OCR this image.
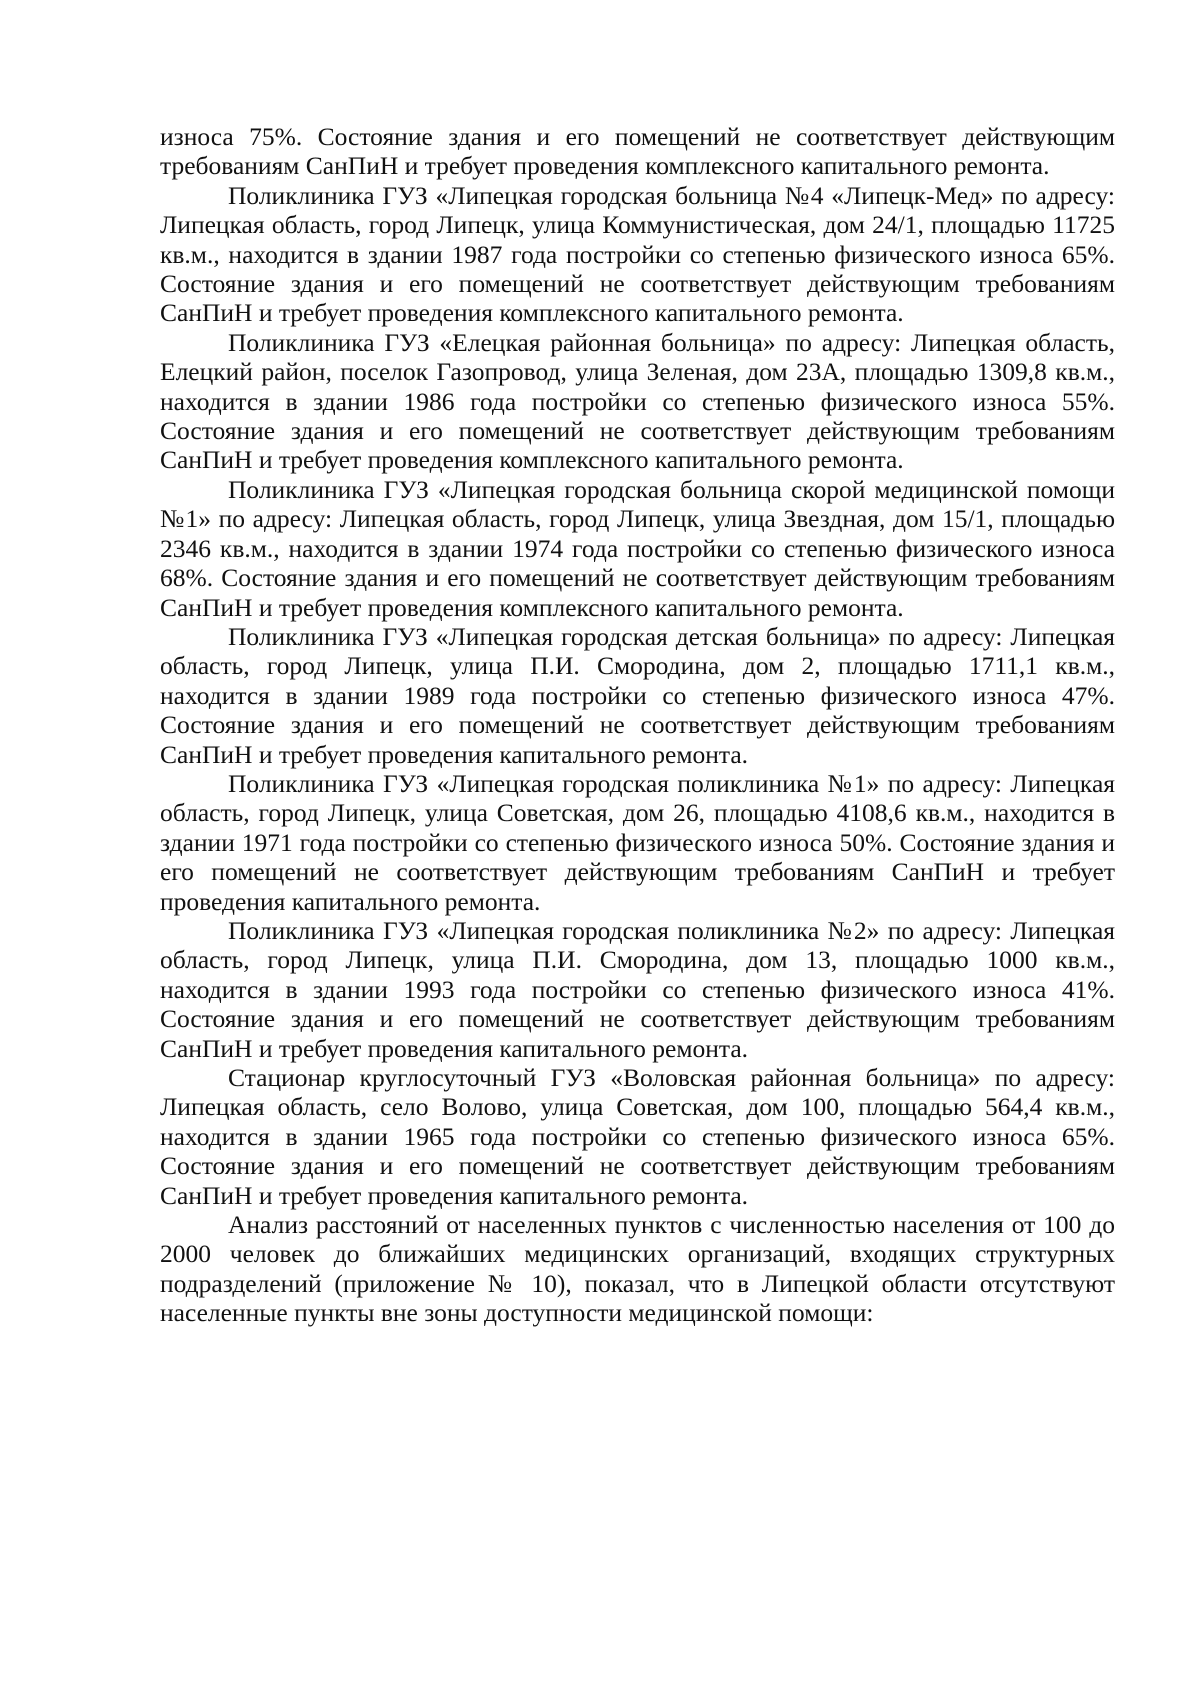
износа 75%. Состояние здания и его помещений не соответствует действующим требованиям СанПиН и требует проведения комплексного капитального ремонта.

Поликлиника ГУЗ «Липецкая городская больница №4 «Липецк-Мед» по адресу: Липецкая область, город Липецк, улица Коммунистическая, дом 24/1, площадью 11725 кв.м., находится в здании 1987 года постройки со степенью физического износа 65%. Состояние здания и его помещений не соответствует действующим требованиям СанПиН и требует проведения комплексного капитального ремонта.

Поликлиника ГУЗ «Елецкая районная больница» по адресу: Липецкая область, Елецкий район, поселок Газопровод, улица Зеленая, дом 23А, площадью 1309,8 кв.м., находится в здании 1986 года постройки со степенью физического износа 55%. Состояние здания и его помещений не соответствует действующим требованиям СанПиН и требует проведения комплексного капитального ремонта.

Поликлиника ГУЗ «Липецкая городская больница скорой медицинской помощи №1» по адресу: Липецкая область, город Липецк, улица Звездная, дом 15/1, площадью 2346 кв.м., находится в здании 1974 года постройки со степенью физического износа 68%. Состояние здания и его помещений не соответствует действующим требованиям СанПиН и требует проведения комплексного капитального ремонта.

Поликлиника ГУЗ «Липецкая городская детская больница» по адресу: Липецкая область, город Липецк, улица П.И. Смородина, дом 2, площадью 1711,1 кв.м., находится в здании 1989 года постройки со степенью физического износа 47%. Состояние здания и его помещений не соответствует действующим требованиям СанПиН и требует проведения капитального ремонта.

Поликлиника ГУЗ «Липецкая городская поликлиника №1» по адресу: Липецкая область, город Липецк, улица Советская, дом 26, площадью 4108,6 кв.м., находится в здании 1971 года постройки со степенью физического износа 50%. Состояние здания и его помещений не соответствует действующим требованиям СанПиН и требует проведения капитального ремонта.

Поликлиника ГУЗ «Липецкая городская поликлиника №2» по адресу: Липецкая область, город Липецк, улица П.И. Смородина, дом 13, площадью 1000 кв.м., находится в здании 1993 года постройки со степенью физического износа 41%. Состояние здания и его помещений не соответствует действующим требованиям СанПиН и требует проведения капитального ремонта.

Стационар круглосуточный ГУЗ «Воловская районная больница» по адресу: Липецкая область, село Волово, улица Советская, дом 100, площадью 564,4 кв.м., находится в здании 1965 года постройки со степенью физического износа 65%. Состояние здания и его помещений не соответствует действующим требованиям СанПиН и требует проведения капитального ремонта.

Анализ расстояний от населенных пунктов с численностью населения от 100 до 2000 человек до ближайших медицинских организаций, входящих структурных подразделений (приложение № 10), показал, что в Липецкой области отсутствуют населенные пункты вне зоны доступности медицинской помощи:
